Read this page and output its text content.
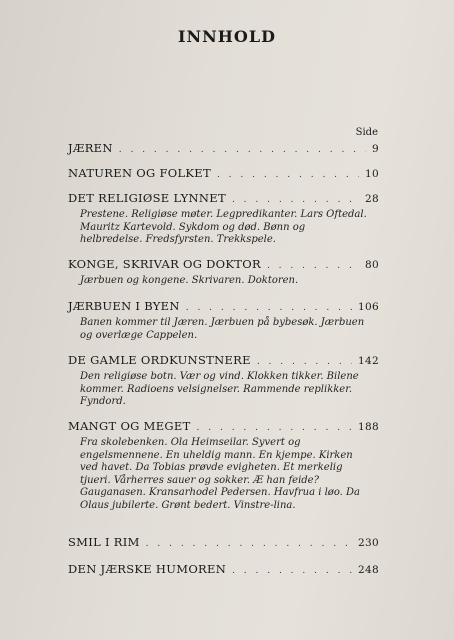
INNHOLD
Side
JÆREN . . .	9
NATUREN OG FOLKET . . .	10
DET RELIGIØSE LYNNET . . .	28
Prestene. Religiøse møter. Legpredikanter. Lars Oftedal. Mauritz Kartevold. Sykdom og død. Bønn og helbredelse. Fredsfyrsten. Trekkspele.
KONGE, SKRIVAR OG DOKTOR . . .	80
Jærbuen og kongene. Skrivaren. Doktoren.
JÆRBUEN I BYEN . . .	106
Banen kommer til Jæren. Jærbuen på bybesøk. Jærbuen og overlæge Cappelen.
DE GAMLE ORDKUNSTNERE . . .	142
Den religiøse botn. Vær og vind. Klokken tikker. Bilene kommer. Radioens velsignelser. Rammende replikker. Fyndord.
MANGT OG MEGET . . .	188
Fra skolebenken. Ola Heimseilar. Syvert og engelsmennene. En uheldig mann. En kjempe. Kirken ved havet. Da Tobias prøvde evigheten. Et merkelig tjueri. Vårherres sauer og sokker. Æ han feide? Gauganasen. Kransarhodel Pedersen. Havfrua i løo. Da Olaus jubilerte. Grønt bedert. Vinstre-lina.
SMIL I RIM . . .	230
DEN JÆRSKE HUMOREN . . .	248
